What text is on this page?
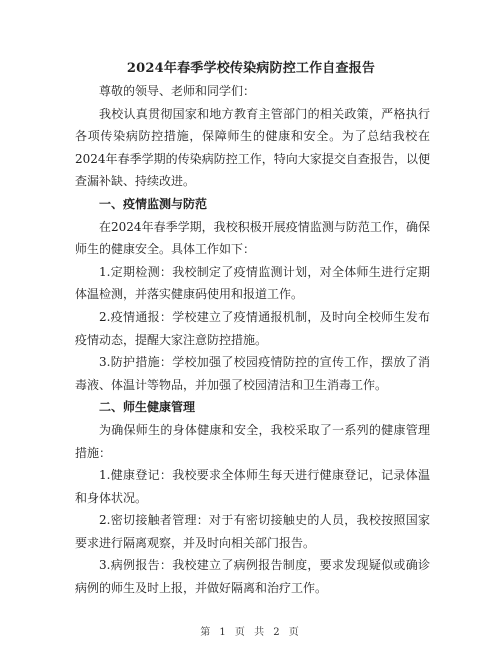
2024年春季学校传染病防控工作自查报告

尊敬的领导、老师和同学们：

我校认真贯彻国家和地方教育主管部门的相关政策，严格执行各项传染病防控措施，保障师生的健康和安全。为了总结我校在2024年春季学期的传染病防控工作，特向大家提交自查报告，以便查漏补缺、持续改进。

一、疫情监测与防范

在2024年春季学期，我校积极开展疫情监测与防范工作，确保师生的健康安全。具体工作如下：

1.定期检测：我校制定了疫情监测计划，对全体师生进行定期体温检测，并落实健康码使用和报道工作。

2.疫情通报：学校建立了疫情通报机制，及时向全校师生发布疫情动态，提醒大家注意防控措施。

3.防护措施：学校加强了校园疫情防控的宣传工作，摆放了消毒液、体温计等物品，并加强了校园清洁和卫生消毒工作。

二、师生健康管理

为确保师生的身体健康和安全，我校采取了一系列的健康管理措施：

1.健康登记：我校要求全体师生每天进行健康登记，记录体温和身体状况。

2.密切接触者管理：对于有密切接触史的人员，我校按照国家要求进行隔离观察，并及时向相关部门报告。

3.病例报告：我校建立了病例报告制度，要求发现疑似或确诊病例的师生及时上报，并做好隔离和治疗工作。

第 1 页 共 2 页
